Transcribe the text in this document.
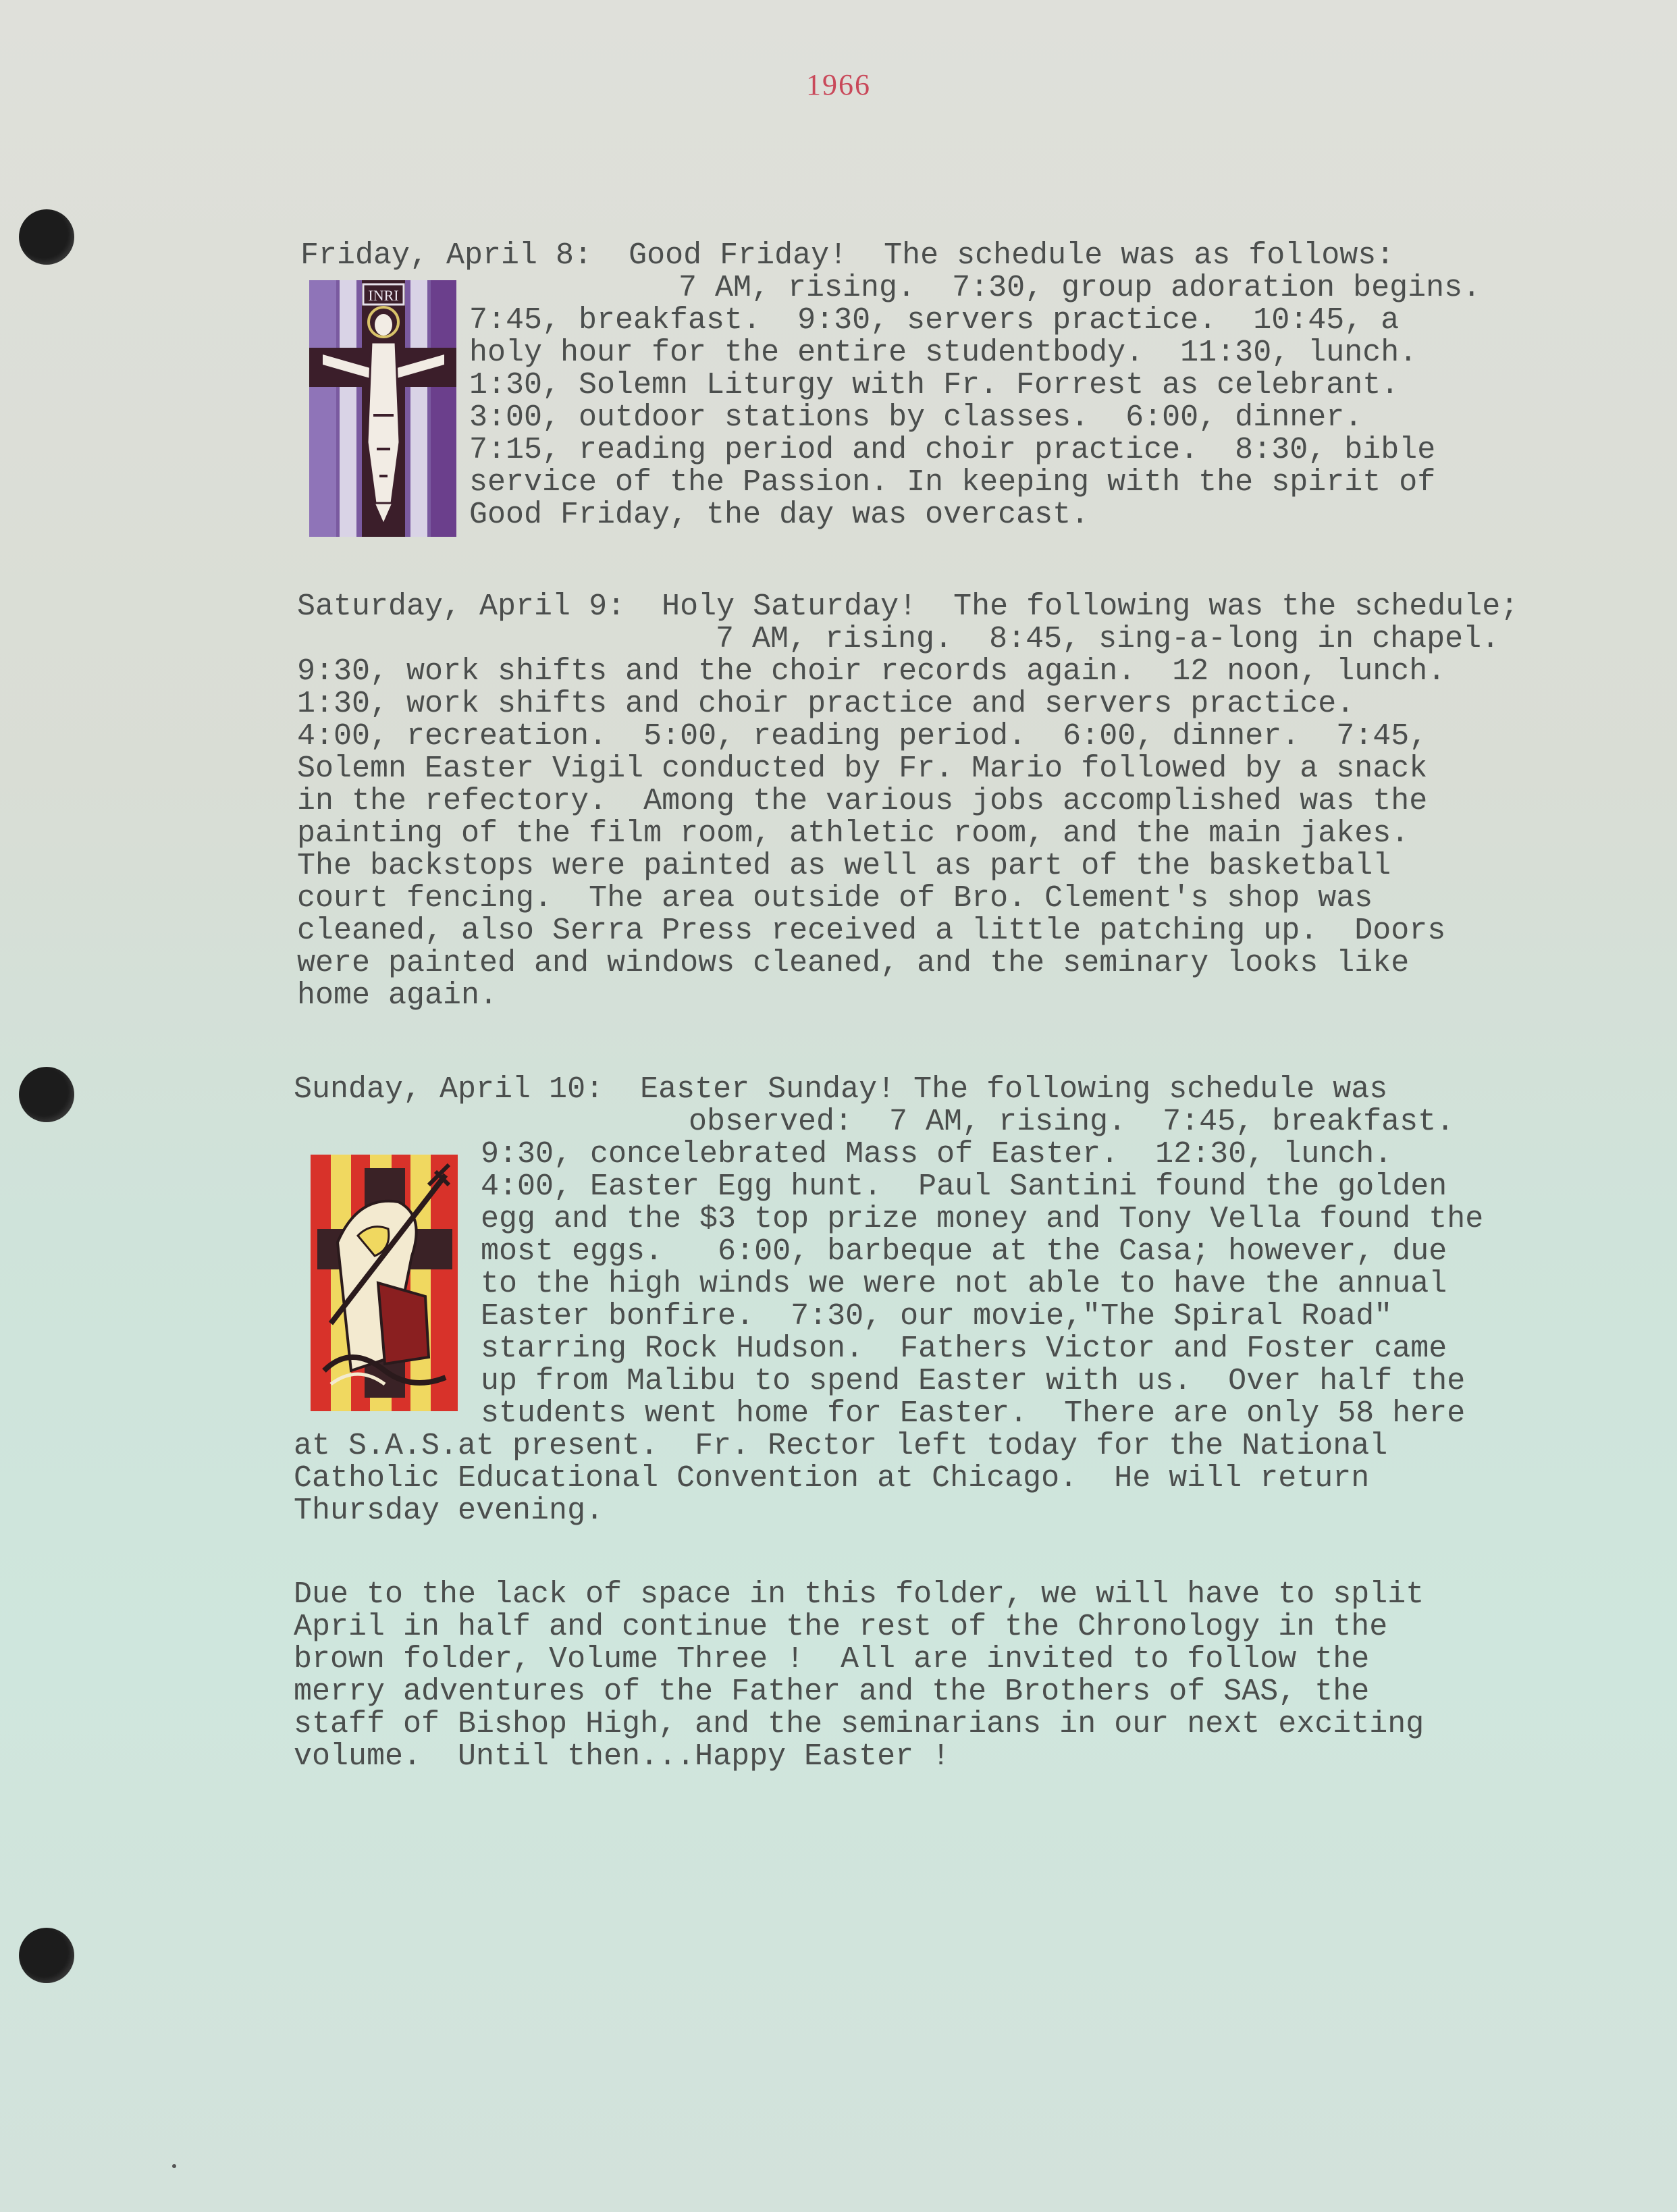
1966
Friday, April 8:  Good Friday!  The schedule was as follows:
7 AM, rising.  7:30, group adoration begins.
7:45, breakfast.  9:30, servers practice.  10:45, a
holy hour for the entire studentbody.  11:30, lunch.
1:30, Solemn Liturgy with Fr. Forrest as celebrant.
3:00, outdoor stations by classes.  6:00, dinner.
7:15, reading period and choir practice.  8:30, bible
service of the Passion. In keeping with the spirit of
Good Friday, the day was overcast.
INRI
Saturday, April 9:  Holy Saturday!  The following was the schedule;
7 AM, rising.  8:45, sing-a-long in chapel.
9:30, work shifts and the choir records again.  12 noon, lunch.
1:30, work shifts and choir practice and servers practice.
4:00, recreation.  5:00, reading period.  6:00, dinner.  7:45,
Solemn Easter Vigil conducted by Fr. Mario followed by a snack
in the refectory.  Among the various jobs accomplished was the
painting of the film room, athletic room, and the main jakes.
The backstops were painted as well as part of the basketball
court fencing.  The area outside of Bro. Clement's shop was
cleaned, also Serra Press received a little patching up.  Doors
were painted and windows cleaned, and the seminary looks like
home again.
Sunday, April 10:  Easter Sunday! The following schedule was
observed:  7 AM, rising.  7:45, breakfast.
9:30, concelebrated Mass of Easter.  12:30, lunch.
4:00, Easter Egg hunt.  Paul Santini found the golden
egg and the $3 top prize money and Tony Vella found the
most eggs.   6:00, barbeque at the Casa; however, due
to the high winds we were not able to have the annual
Easter bonfire.  7:30, our movie,"The Spiral Road"
starring Rock Hudson.  Fathers Victor and Foster came
up from Malibu to spend Easter with us.  Over half the
students went home for Easter.  There are only 58 here
at S.A.S.at present.  Fr. Rector left today for the National
Catholic Educational Convention at Chicago.  He will return
Thursday evening.
Due to the lack of space in this folder, we will have to split
April in half and continue the rest of the Chronology in the
brown folder, Volume Three !  All are invited to follow the
merry adventures of the Father and the Brothers of SAS, the
staff of Bishop High, and the seminarians in our next exciting
volume.  Until then...Happy Easter !
